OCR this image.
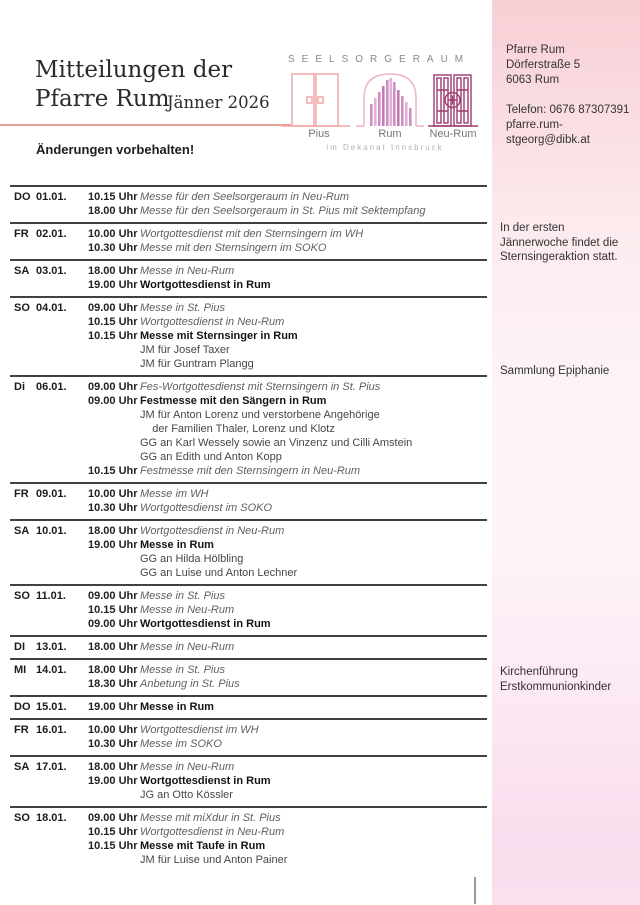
Pfarre Rum
Dörferstraße 5
6063 Rum
Telefon: 0676 87307391
pfarre.rum-stgeorg@dibk.at
In der ersten Jännerwoche findet die Sternsingeraktion statt.
Sammlung Epiphanie
Kirchenführung Erstkommunionkinder
Mitteilungen der
Pfarre Rum
Jänner 2026
Änderungen vorbehalten!
SEELSORGERAUM
Pius	Rum	Neu-Rum
im Dekanat Innsbruck
DO 01.01.	10.15 Uhr Messe für den Seelsorgeraum in Neu-Rum
18.00 Uhr Messe für den Seelsorgeraum in St. Pius mit Sektempfang
FR 02.01.	10.00 Uhr Wortgottesdienst mit den Sternsingern im WH
10.30 Uhr Messe mit den Sternsingern im SOKO
SA 03.01.	18.00 Uhr Messe in Neu-Rum
19.00 Uhr Wortgottesdienst in Rum
SO 04.01.	09.00 Uhr Messe in St. Pius
10.15 Uhr Wortgottesdienst in Neu-Rum
10.15 Uhr Messe mit Sternsinger in Rum
JM für Josef Taxer
JM für Guntram Plangg
Di	06.01.	09.00 Uhr Fes-Wortgottesdienst mit Sternsingern in St. Pius
09.00 Uhr Festmesse mit den Sängern in Rum
JM für Anton Lorenz und verstorbene Angehörige
der Familien Thaler, Lorenz und Klotz
GG an Karl Wessely sowie an Vinzenz und Cilli Amstein
GG an Edith und Anton Kopp
10.15 Uhr Festmesse mit den Sternsingern in Neu-Rum
FR 09.01.	10.00 Uhr Messe im WH
10.30 Uhr Wortgottesdienst im SOKO
SA 10.01.	18.00 Uhr Wortgottesdienst in Neu-Rum
19.00 Uhr Messe in Rum
GG an Hilda Hölbling
GG an Luise und Anton Lechner
SO 11.01.	09.00 Uhr Messe in St. Pius
10.15 Uhr Messe in Neu-Rum
09.00 Uhr Wortgottesdienst in Rum
DI	13.01.	18.00 Uhr Messe in Neu-Rum
MI 14.01.	18.00 Uhr Messe in St. Pius
18.30 Uhr Anbetung in St. Pius
DO 15.01.	19.00 Uhr Messe in Rum
FR 16.01.	10.00 Uhr Wortgottesdienst im WH
10.30 Uhr Messe im SOKO
SA 17.01.	18.00 Uhr Messe in Neu-Rum
19.00 Uhr Wortgottesdienst in Rum
JG an Otto Kössler
SO 18.01.	09.00 Uhr Messe mit miXdur in St. Pius
10.15 Uhr Wortgottesdienst in Neu-Rum
10.15 Uhr Messe mit Taufe in Rum
JM für Luise und Anton Painer
